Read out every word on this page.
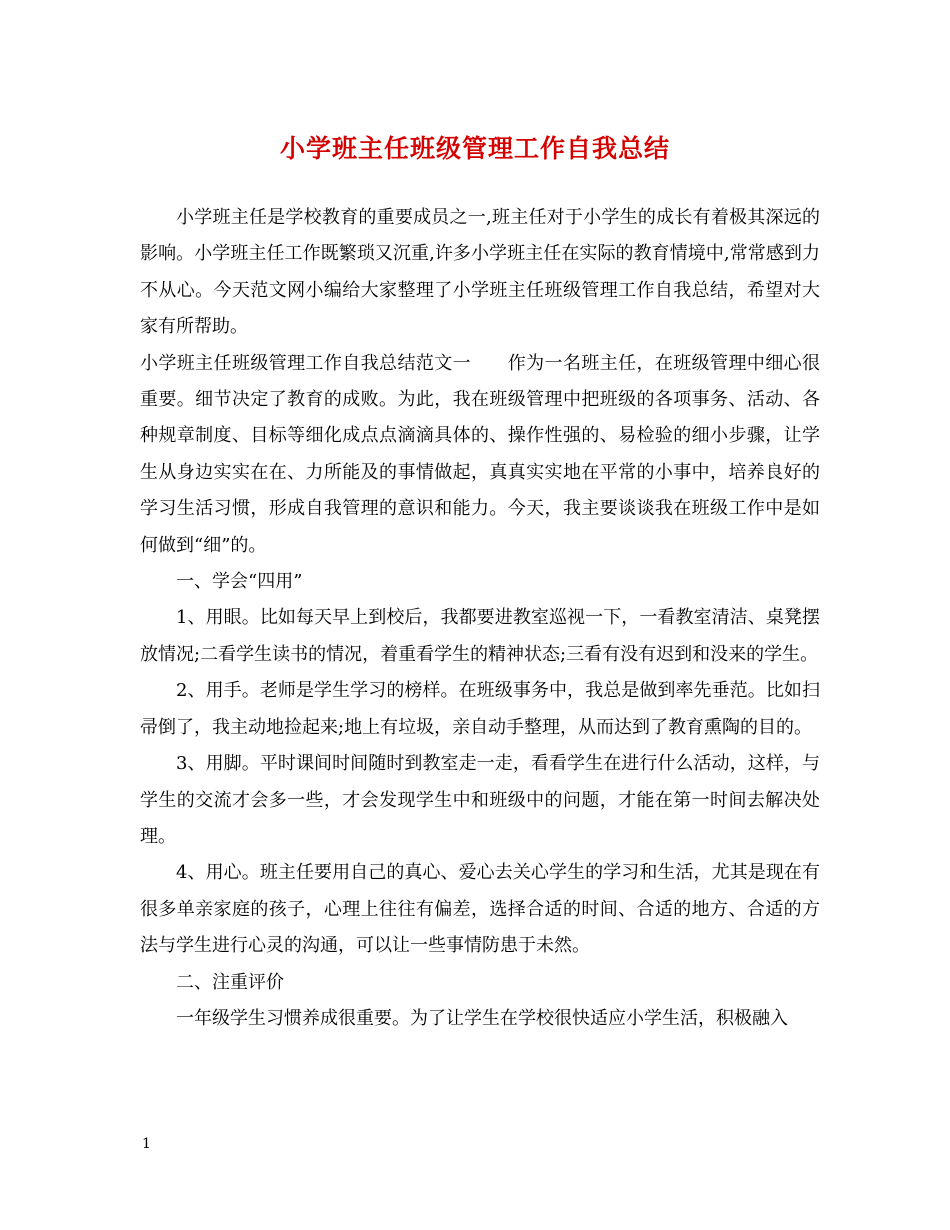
小学班主任班级管理工作自我总结

小学班主任是学校教育的重要成员之一,班主任对于小学生的成长有着极其深远的影响。小学班主任工作既繁琐又沉重,许多小学班主任在实际的教育情境中,常常感到力不从心。今天范文网小编给大家整理了小学班主任班级管理工作自我总结，希望对大家有所帮助。

小学班主任班级管理工作自我总结范文一　　作为一名班主任，在班级管理中细心很重要。细节决定了教育的成败。为此，我在班级管理中把班级的各项事务、活动、各种规章制度、目标等细化成点点滴滴具体的、操作性强的、易检验的细小步骤，让学生从身边实实在在、力所能及的事情做起，真真实实地在平常的小事中，培养良好的学习生活习惯，形成自我管理的意识和能力。今天，我主要谈谈我在班级工作中是如何做到“细”的。

一、学会“四用”

1、用眼。比如每天早上到校后，我都要进教室巡视一下，一看教室清洁、桌凳摆放情况;二看学生读书的情况，着重看学生的精神状态;三看有没有迟到和没来的学生。

2、用手。老师是学生学习的榜样。在班级事务中，我总是做到率先垂范。比如扫帚倒了，我主动地捡起来;地上有垃圾，亲自动手整理，从而达到了教育熏陶的目的。

3、用脚。平时课间时间随时到教室走一走，看看学生在进行什么活动，这样，与学生的交流才会多一些，才会发现学生中和班级中的问题，才能在第一时间去解决处理。

4、用心。班主任要用自己的真心、爱心去关心学生的学习和生活，尤其是现在有很多单亲家庭的孩子，心理上往往有偏差，选择合适的时间、合适的地方、合适的方法与学生进行心灵的沟通，可以让一些事情防患于未然。

二、注重评价

一年级学生习惯养成很重要。为了让学生在学校很快适应小学生活，积极融入

1
